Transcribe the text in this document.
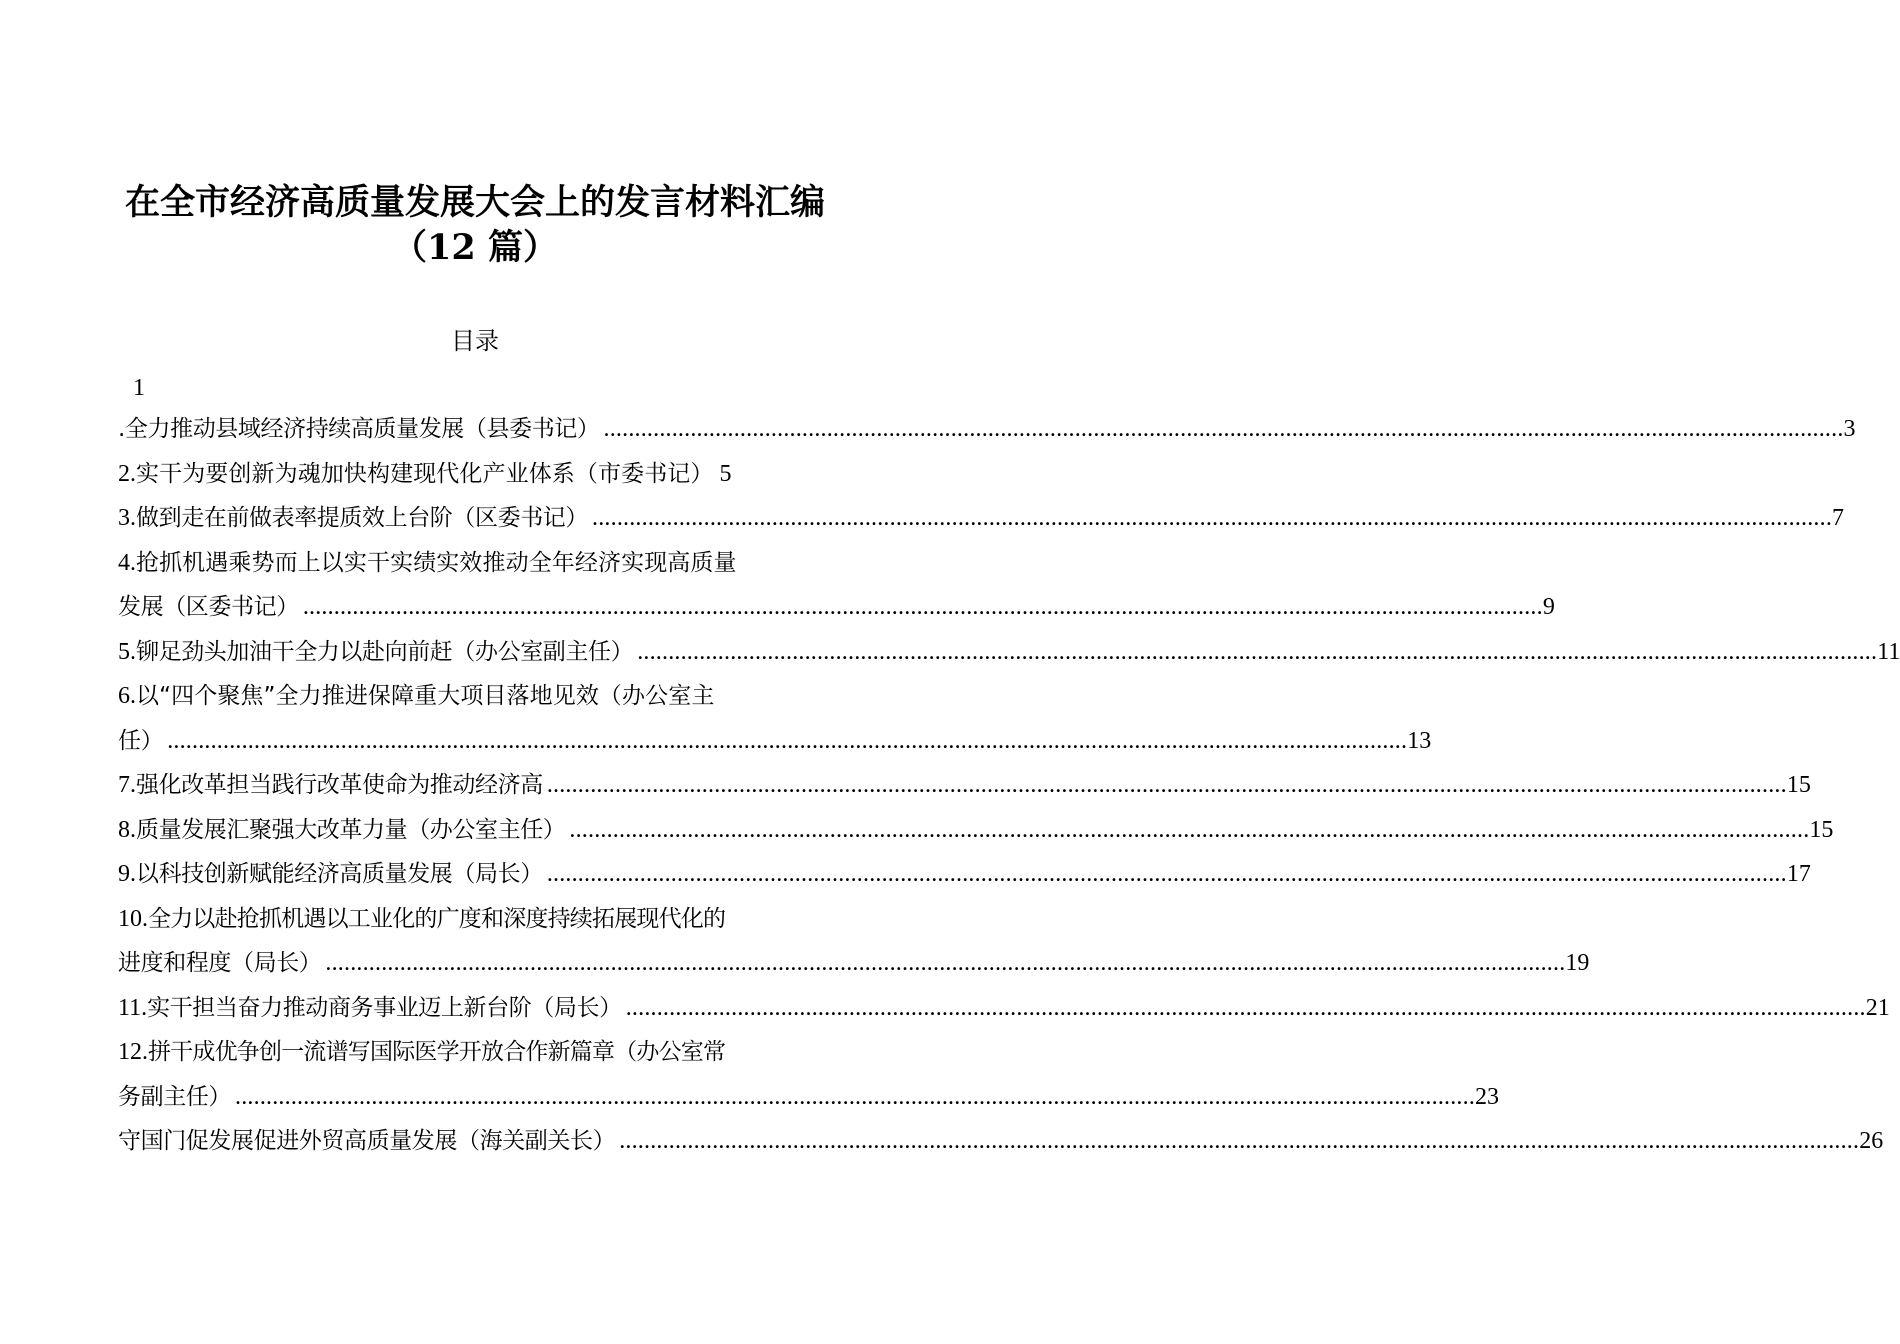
在全市经济高质量发展大会上的发言材料汇编
（12 篇）
目录
1
.全力推动县域经济持续高质量发展（县委书记） ........................................................................................................................................................................................................ 3
2. 实干为要创新为魂加快构建现代化产业体系（市委书记） 5
3. 做到走在前做表率提质效上台阶（区委书记） ........................................................................................................................................................................................................ 7
4. 抢抓机遇乘势而上以实干实绩实效推动全年经济实现高质量
发展（区委书记） ........................................................................................................................................................................................................ 9
5. 铆足劲头加油干全力以赴向前赶（办公室副主任） ........................................................................................................................................................................................................ 11
6. 以“四个聚焦”全力推进保障重大项目落地见效（办公室主
任） ........................................................................................................................................................................................................ 13
7. 强化改革担当践行改革使命为推动经济高 ........................................................................................................................................................................................................ 15
8. 质量发展汇聚强大改革力量（办公室主任） ........................................................................................................................................................................................................ 15
9. 以科技创新赋能经济高质量发展（局长） ........................................................................................................................................................................................................ 17
10. 全力以赴抢抓机遇以工业化的广度和深度持续拓展现代化的
进度和程度（局长） ........................................................................................................................................................................................................ 19
11. 实干担当奋力推动商务事业迈上新台阶（局长） ........................................................................................................................................................................................................ 21
12. 拼干成优争创一流谱写国际医学开放合作新篇章（办公室常
务副主任） ........................................................................................................................................................................................................ 23
守国门促发展促进外贸高质量发展（海关副关长） ........................................................................................................................................................................................................ 26
